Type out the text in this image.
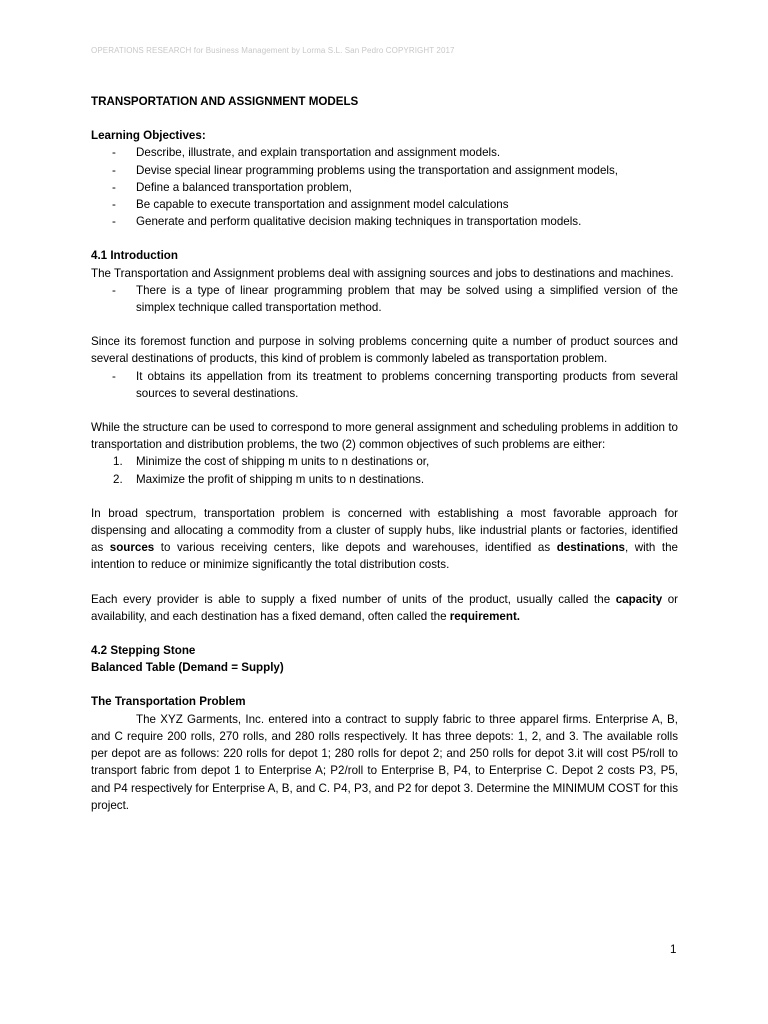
OPERATIONS RESEARCH for Business Management by Lorma S.L. San Pedro COPYRIGHT 2017

TRANSPORTATION AND ASSIGNMENT MODELS

Learning Objectives:

- Describe, illustrate, and explain transportation and assignment models.
- Devise special linear programming problems using the transportation and assignment models,
- Define a balanced transportation problem,
- Be capable to execute transportation and assignment model calculations
- Generate and perform qualitative decision making techniques in transportation models.

4.1 Introduction

The Transportation and Assignment problems deal with assigning sources and jobs to destinations and machines.

- There is a type of linear programming problem that may be solved using a simplified version of the simplex technique called transportation method.

Since its foremost function and purpose in solving problems concerning quite a number of product sources and several destinations of products, this kind of problem is commonly labeled as transportation problem.

- It obtains its appellation from its treatment to problems concerning transporting products from several sources to several destinations.

While the structure can be used to correspond to more general assignment and scheduling problems in addition to transportation and distribution problems, the two (2) common objectives of such problems are either:

1. Minimize the cost of shipping m units to n destinations or,
2. Maximize the profit of shipping m units to n destinations.

In broad spectrum, transportation problem is concerned with establishing a most favorable approach for dispensing and allocating a commodity from a cluster of supply hubs, like industrial plants or factories, identified as sources to various receiving centers, like depots and warehouses, identified as destinations, with the intention to reduce or minimize significantly the total distribution costs.

Each every provider is able to supply a fixed number of units of the product, usually called the capacity or availability, and each destination has a fixed demand, often called the requirement.

4.2 Stepping Stone

Balanced Table (Demand = Supply)

The Transportation Problem

The XYZ Garments, Inc. entered into a contract to supply fabric to three apparel firms. Enterprise A, B, and C require 200 rolls, 270 rolls, and 280 rolls respectively. It has three depots: 1, 2, and 3. The available rolls per depot are as follows: 220 rolls for depot 1; 280 rolls for depot 2; and 250 rolls for depot 3.it will cost P5/roll to transport fabric from depot 1 to Enterprise A; P2/roll to Enterprise B, P4, to Enterprise C. Depot 2 costs P3, P5, and P4 respectively for Enterprise A, B, and C. P4, P3, and P2 for depot 3. Determine the MINIMUM COST for this project.

1
